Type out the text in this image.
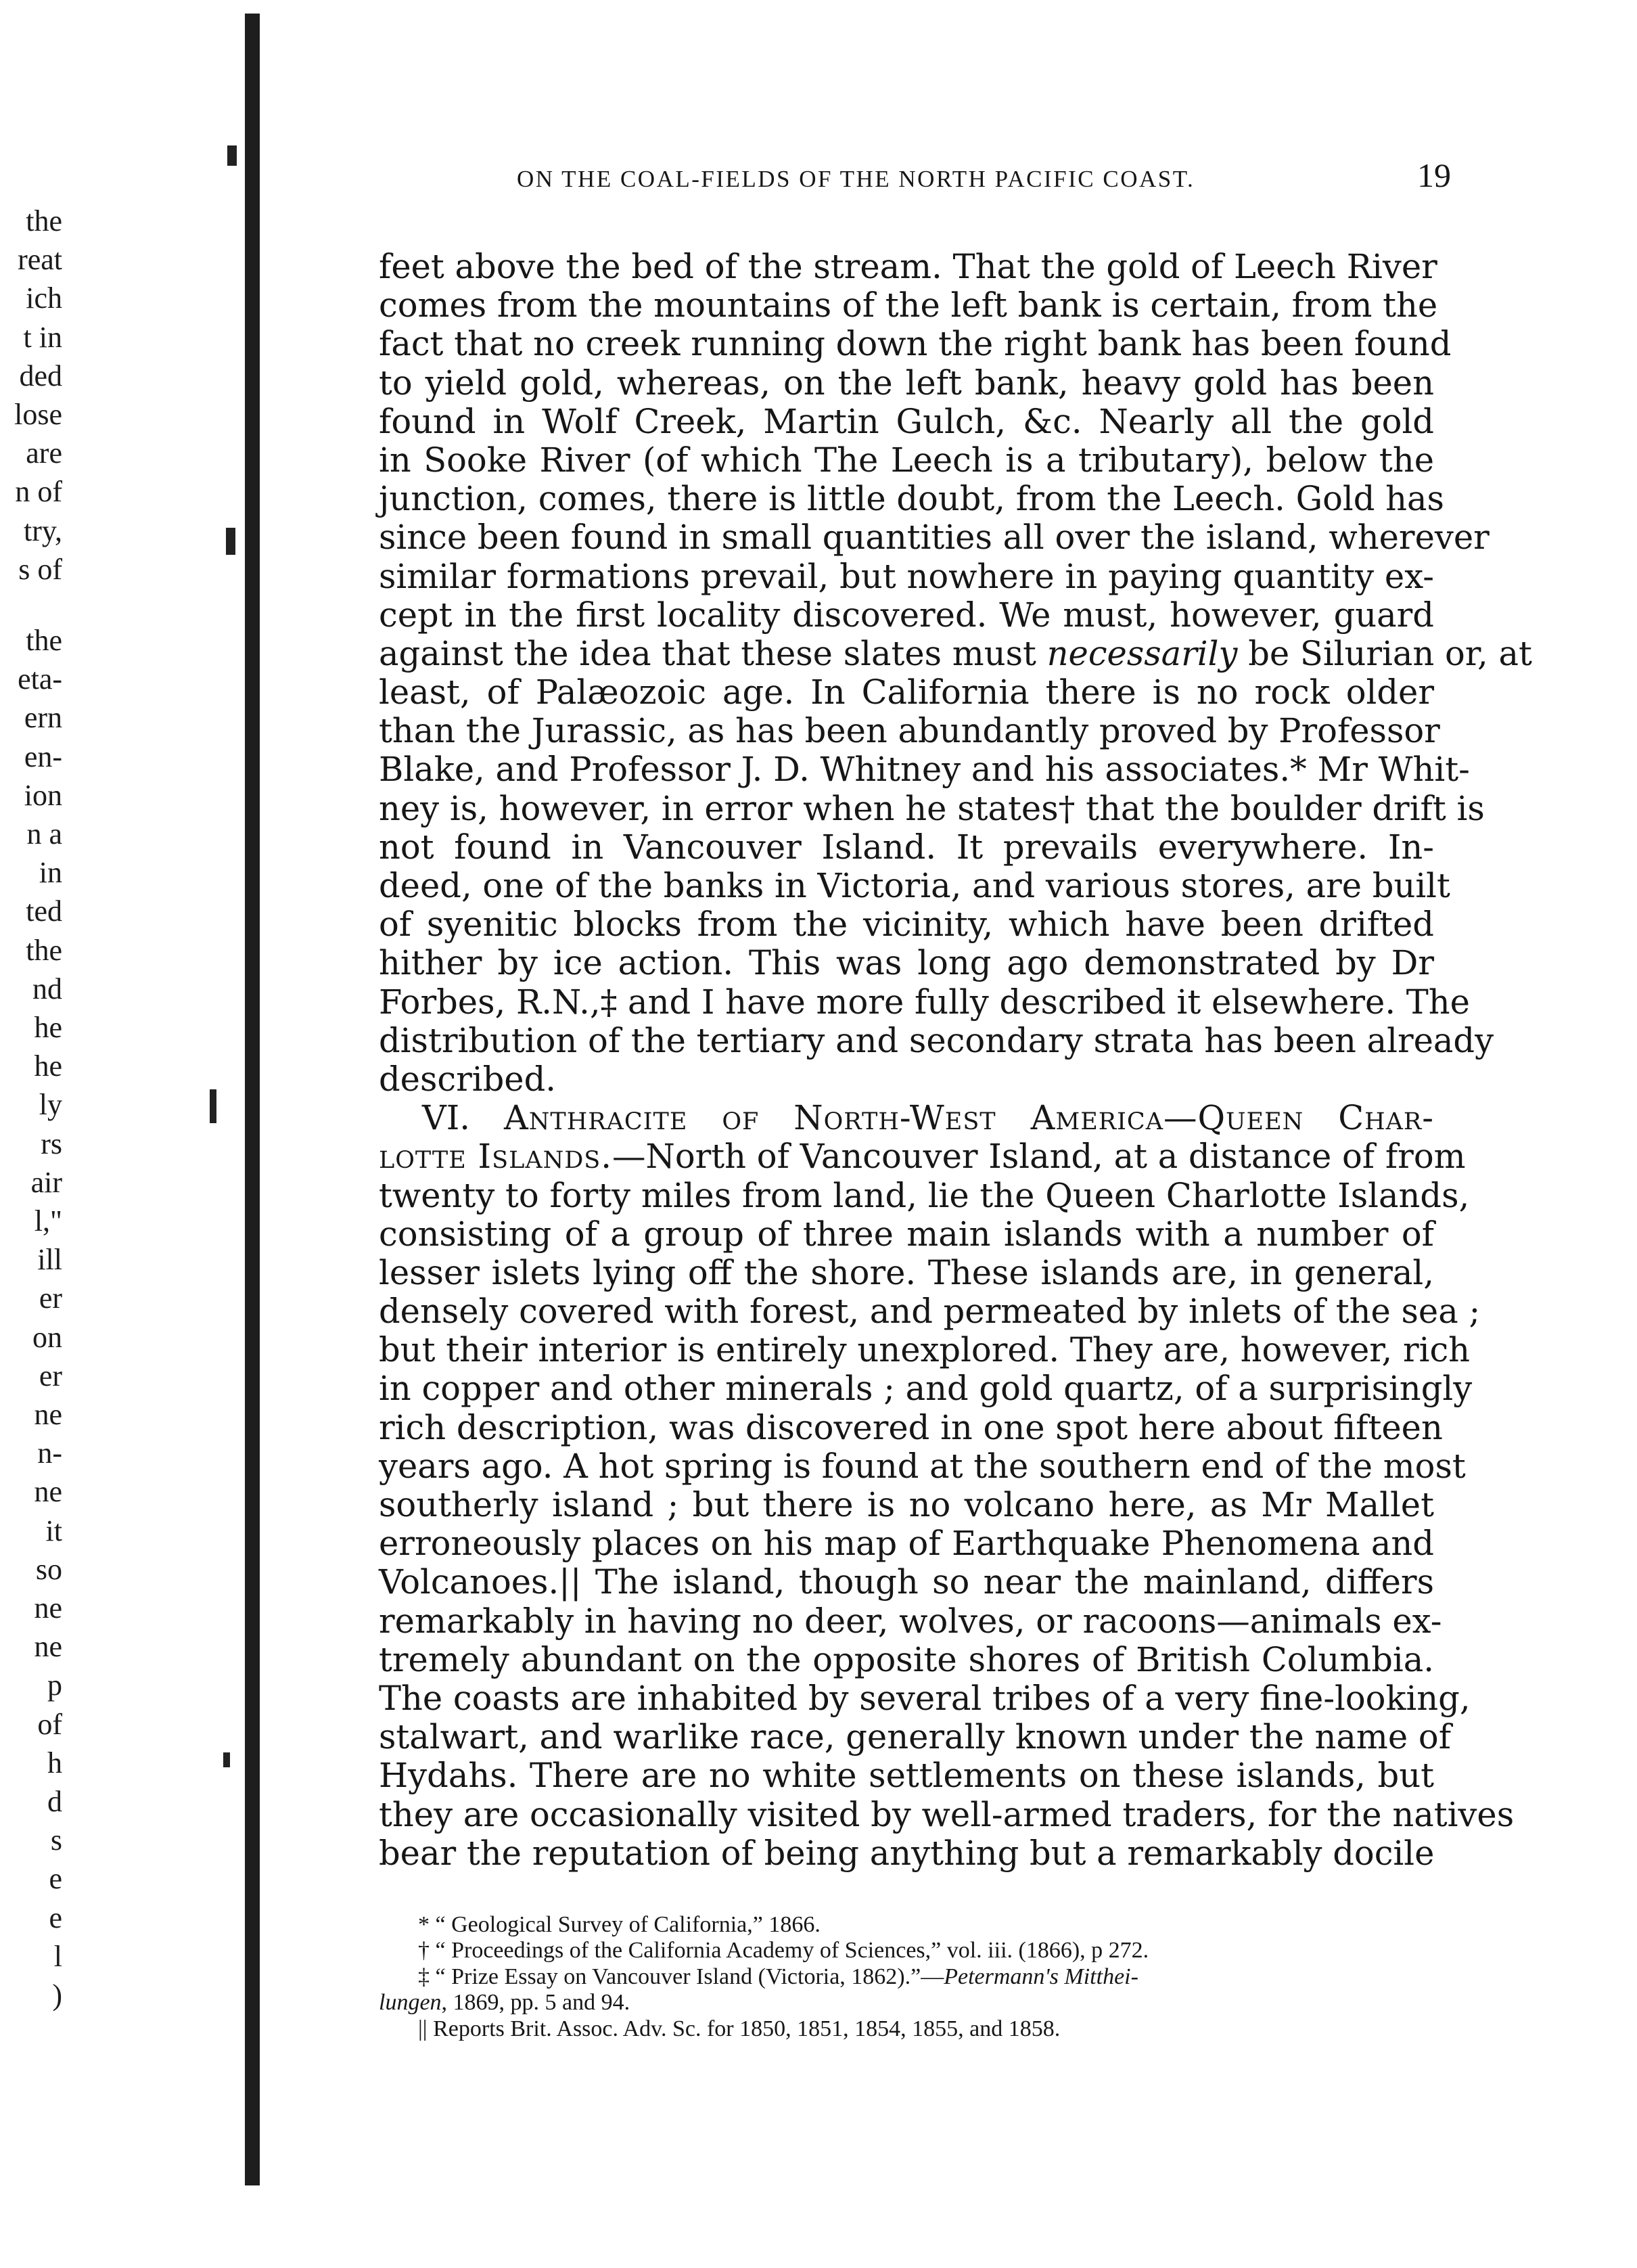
the
reat
ich
t in
ded
lose
are
n of
try,
s of
the
eta-
ern
en-
ion
n a
in
ted
the
nd
he
he
ly
rs
air
l,"
ill
er
on
er
ne
n-
ne
it
so
ne
ne
p
of
h
d
s
e
e
l
)
ON THE COAL-FIELDS OF THE NORTH PACIFIC COAST.	19
feet above the bed of the stream. That the gold of Leech River
comes from the mountains of the left bank is certain, from the
fact that no creek running down the right bank has been found
to yield gold, whereas, on the left bank, heavy gold has been
found in Wolf Creek, Martin Gulch, &c. Nearly all the gold
in Sooke River (of which The Leech is a tributary), below the
junction, comes, there is little doubt, from the Leech. Gold has
since been found in small quantities all over the island, wherever
similar formations prevail, but nowhere in paying quantity ex-
cept in the first locality discovered. We must, however, guard
against the idea that these slates must necessarily be Silurian or, at
least, of Palæozoic age. In California there is no rock older
than the Jurassic, as has been abundantly proved by Professor
Blake, and Professor J. D. Whitney and his associates.* Mr Whit-
ney is, however, in error when he states† that the boulder drift is
not found in Vancouver Island. It prevails everywhere. In-
deed, one of the banks in Victoria, and various stores, are built
of syenitic blocks from the vicinity, which have been drifted
hither by ice action. This was long ago demonstrated by Dr
Forbes, R.N.,‡ and I have more fully described it elsewhere. The
distribution of the tertiary and secondary strata has been already
described.
VI. Anthracite of North-West America—Queen Char-
lotte Islands.—North of Vancouver Island, at a distance of from
twenty to forty miles from land, lie the Queen Charlotte Islands,
consisting of a group of three main islands with a number of
lesser islets lying off the shore. These islands are, in general,
densely covered with forest, and permeated by inlets of the sea ;
but their interior is entirely unexplored. They are, however, rich
in copper and other minerals ; and gold quartz, of a surprisingly
rich description, was discovered in one spot here about fifteen
years ago. A hot spring is found at the southern end of the most
southerly island ; but there is no volcano here, as Mr Mallet
erroneously places on his map of Earthquake Phenomena and
Volcanoes.|| The island, though so near the mainland, differs
remarkably in having no deer, wolves, or racoons—animals ex-
tremely abundant on the opposite shores of British Columbia.
The coasts are inhabited by several tribes of a very fine-looking,
stalwart, and warlike race, generally known under the name of
Hydahs. There are no white settlements on these islands, but
they are occasionally visited by well-armed traders, for the natives
bear the reputation of being anything but a remarkably docile
* “ Geological Survey of California,” 1866.
† “ Proceedings of the California Academy of Sciences,” vol. iii. (1866), p 272.
‡ “ Prize Essay on Vancouver Island (Victoria, 1862).”—Petermann's Mitthei-
lungen, 1869, pp. 5 and 94.
|| Reports Brit. Assoc. Adv. Sc. for 1850, 1851, 1854, 1855, and 1858.
